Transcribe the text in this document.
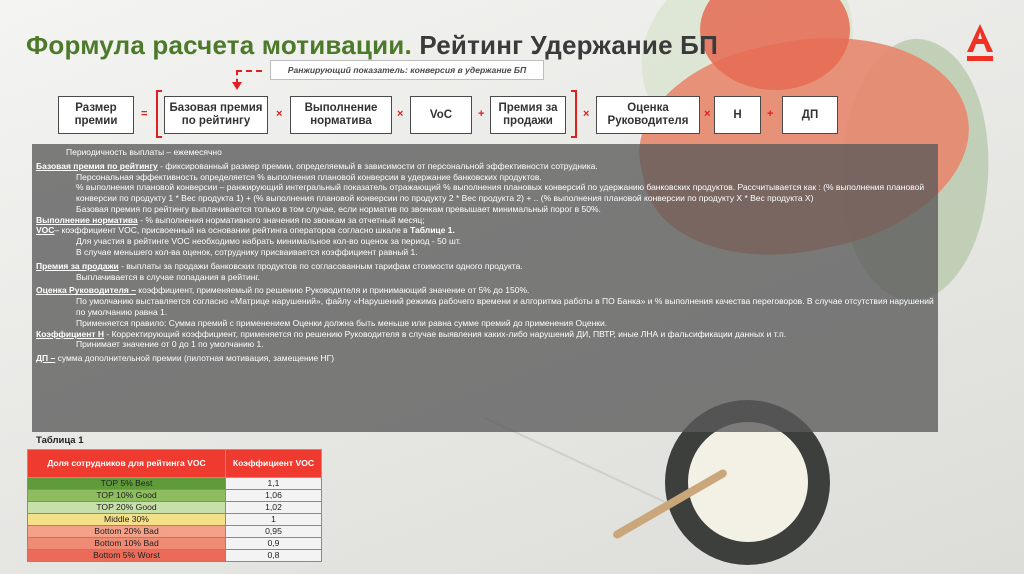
Формула расчета мотивации. Рейтинг Удержание БП
Ранжирующий показатель: конверсия в удержание БП
Размер премии
=	Базовая премия по рейтингу
×	Выполнение норматива
×	VoC	+	Премия за продажи
×	Оценка Руководителя
×	Н	+	ДП

Периодичность выплаты – ежемесячно

Базовая премия по рейтингу - фиксированный размер премии, определяемый в зависимости от персональной эффективности сотрудника.

Персональная эффективность определяется % выполнения плановой конверсии в удержание банковских продуктов.

% выполнения плановой конверсии – ранжирующий интегральный показатель отражающий % выполнения плановых конверсий по удержанию банковских продуктов. Рассчитывается как : (% выполнения плановой конверсии по продукту 1 * Вес продукта 1) + (% выполнения плановой конверсии по продукту 2 * Вес продукта 2) + .. (% выполнения плановой конверсии по продукту Х * Вес продукта Х)

Базовая премия по рейтингу выплачивается только в том случае, если норматив по звонкам превышает минимальный порог в 50%.

Выполнение норматива - % выполнения нормативного значения по звонкам за отчетный месяц;

VOC– коэффициент VOC, присвоенный на основании рейтинга операторов согласно шкале в Таблице 1.

Для участия в рейтинге VOC необходимо набрать минимальное кол-во оценок за период - 50 шт.

В случае меньшего кол-ва оценок, сотруднику присваивается коэффициент равный 1.

Премия за продажи - выплаты за продажи банковских продуктов по согласованным тарифам стоимости одного продукта.

Выплачивается в случае попадания в рейтинг.

Оценка Руководителя – коэффициент, применяемый по решению Руководителя и принимающий значение от 5% до 150%.

По умолчанию выставляется согласно «Матрице нарушений», файлу «Нарушений режима рабочего времени и алгоритма работы в ПО Банка» и % выполнения качества переговоров. В случае отсутствия нарушений по умолчанию равна 1.

Применяется правило: Сумма премий с применением Оценки должна быть меньше или равна сумме премий до применения Оценки.

Коэффициент Н - Корректирующий коэффициент, применяется по решению Руководителя в случае выявления каких-либо нарушений ДИ, ПВТР, иные ЛНА и фальсификации данных и т.п.

Принимает значение от 0 до 1 по умолчанию 1.

ДП – сумма дополнительной премии (пилотная мотивация, замещение НГ)

Таблица 1
Доля сотрудников для рейтинга VOC	Коэффициент VOC
TOP 5% Best	1,1
TOP 10% Good	1,06
TOP 20% Good	1,02
Middle 30%	1
Bottom 20% Bad	0,95
Bottom 10% Bad	0,9
Bottom 5% Worst	0,8
